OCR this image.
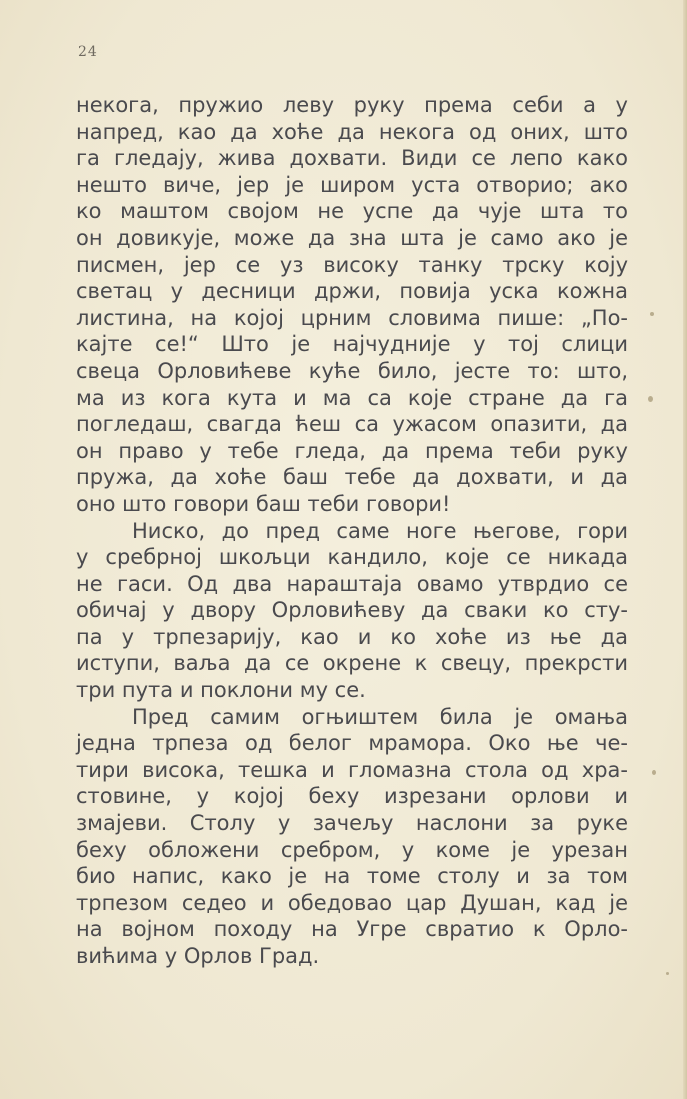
24
некога, пружио леву руку према себи а у
напред, као да хоће да некога од оних, што
га гледају, жива дохвати. Види се лепо како
нешто виче, јер је широм уста отворио; ако
ко маштом својом не успе да чује шта то
он довикује, може да зна шта је само ако је
писмен, јер се уз високу танку трску коју
светац у десници држи, повија уска кожна
листина, на којој црним словима пише: „По-
кајте се!“ Што је најчудније у тој слици
свеца Орловићеве куће било, јесте то: што,
ма из кога кута и ма са које стране да га
погледаш, свагда ћеш са ужасом опазити, да
он право у тебе гледа, да према теби руку
пружа, да хоће баш тебе да дохвати, и да
оно што говори баш теби говори!
Ниско, до пред саме ноге његове, гори
у сребрној шкољци кандило, које се никада
не гаси. Од два нараштаја овамо утврдио се
обичај у двору Орловићеву да сваки ко сту-
па у трпезарију, као и ко хоће из ње да
иступи, ваља да се окрене к свецу, прекрсти
три пута и поклони му се.
Пред самим огњиштем била је омања
једна трпеза од белог мрамора. Око ње че-
тири висока, тешка и гломазна стола од хра-
стовине, у којој беху изрезани орлови и
змајеви. Столу у зачељу наслони за руке
беху обложени сребром, у коме је урезан
био напис, како је на томе столу и за том
трпезом седео и обедовао цар Душан, кад је
на војном походу на Угре свратио к Орло-
вићима у Орлов Град.
